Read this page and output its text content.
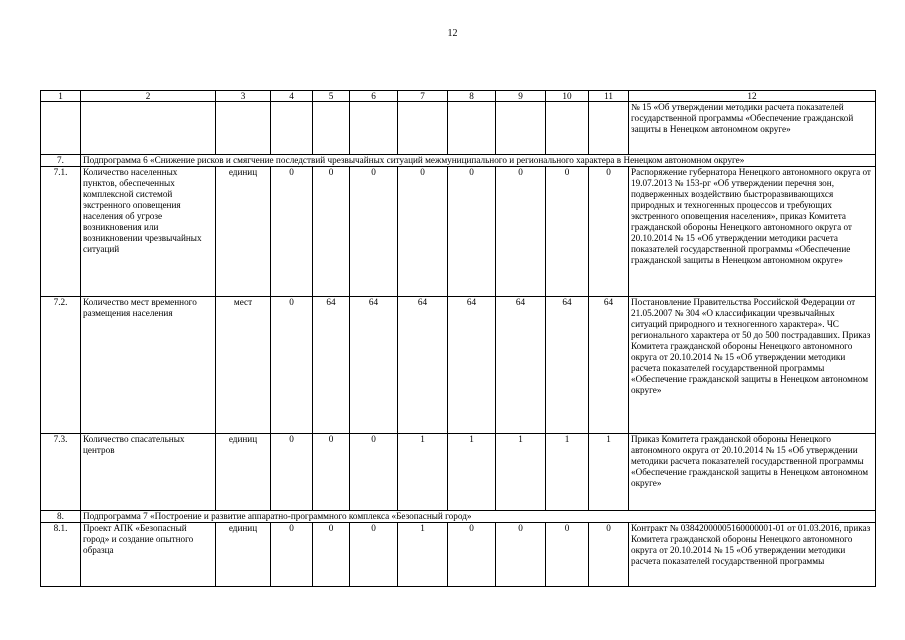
12
1	2	3	4	5	6	7	8	9	10	11	12
											№ 15 «Об утверждении методики расчета показателей государственной программы «Обеспечение гражданской защиты в Ненецком автономном округе»
7.	Подпрограмма 6 «Снижение рисков и смягчение последствий чрезвычайных ситуаций межмуниципального и регионального характера в Ненецком автономном округе»										
7.1.	Количество населенных пунктов, обеспеченных комплексной системой экстренного оповещения населения об угрозе возникновения или возникновении чрезвычайных ситуаций	единиц	0	0	0	0	0	0	0	0	Распоряжение губернатора Ненецкого автономного округа от 19.07.2013 № 153-рг «Об утверждении перечня зон, подверженных воздействию быстроразвивающихся природных и техногенных процессов и требующих экстренного оповещения населения», приказ Комитета гражданской обороны Ненецкого автономного округа от 20.10.2014 № 15 «Об утверждении методики расчета показателей государственной программы «Обеспечение гражданской защиты в Ненецком автономном округе»
7.2.	Количество мест временного размещения населения	мест	0	64	64	64	64	64	64	64	Постановление Правительства Российской Федерации от 21.05.2007 № 304 «О классификации чрезвычайных ситуаций природного и техногенного характера». ЧС регионального характера от 50 до 500 пострадавших. Приказ Комитета гражданской обороны Ненецкого автономного округа от 20.10.2014 № 15 «Об утверждении методики расчета показателей государственной программы «Обеспечение гражданской защиты в Ненецком автономном округе»
7.3.	Количество спасательных центров	единиц	0	0	0	1	1	1	1	1	Приказ Комитета гражданской обороны Ненецкого автономного округа от 20.10.2014 № 15 «Об утверждении методики расчета показателей государственной программы «Обеспечение гражданской защиты в Ненецком автономном округе»
8.	Подпрограмма 7 «Построение и развитие аппаратно-программного комплекса «Безопасный город»										
8.1.	Проект АПК «Безопасный город» и создание опытного образца	единиц	0	0	0	1	0	0	0	0	Контракт № 03842000005160000001-01 от 01.03.2016, приказ Комитета гражданской обороны Ненецкого автономного округа от 20.10.2014 № 15 «Об утверждении методики расчета показателей государственной программы
